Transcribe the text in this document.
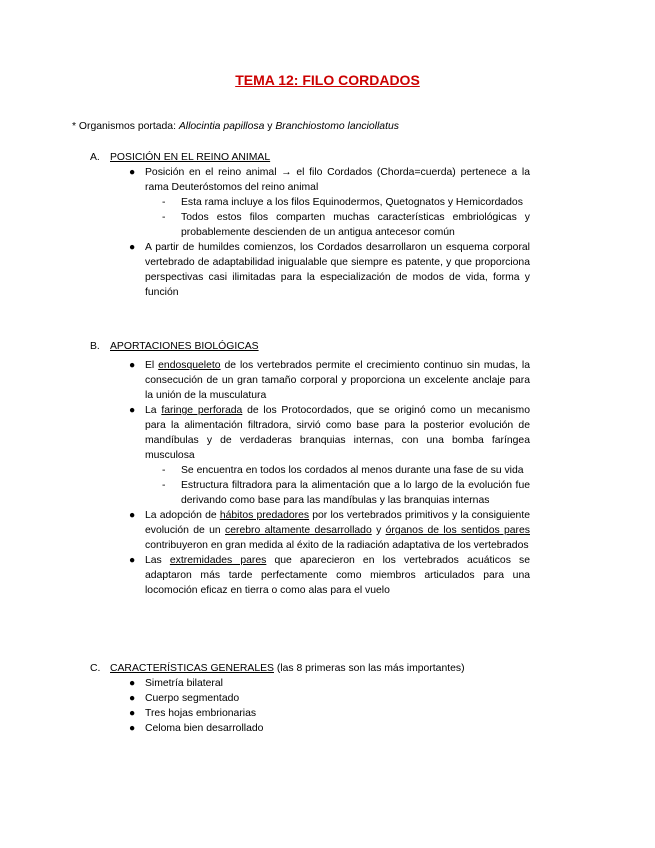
TEMA 12: FILO CORDADOS
* Organismos portada: Allocintia papillosa y Branchiostomo lanciollatus
A. POSICIÓN EN EL REINO ANIMAL
● Posición en el reino animal → el filo Cordados (Chorda=cuerda) pertenece a la rama Deuteróstomos del reino animal
- Esta rama incluye a los filos Equinodermos, Quetognatos y Hemicordados
- Todos estos filos comparten muchas características embriológicas y probablemente descienden de un antigua antecesor común
● A partir de humildes comienzos, los Cordados desarrollaron un esquema corporal vertebrado de adaptabilidad inigualable que siempre es patente, y que proporciona perspectivas casi ilimitadas para la especialización de modos de vida, forma y función
B. APORTACIONES BIOLÓGICAS
● El endosqueleto de los vertebrados permite el crecimiento continuo sin mudas, la consecución de un gran tamaño corporal y proporciona un excelente anclaje para la unión de la musculatura
● La faringe perforada de los Protocordados, que se originó como un mecanismo para la alimentación filtradora, sirvió como base para la posterior evolución de mandíbulas y de verdaderas branquias internas, con una bomba faríngea musculosa
- Se encuentra en todos los cordados al menos durante una fase de su vida
- Estructura filtradora para la alimentación que a lo largo de la evolución fue derivando como base para las mandíbulas y las branquias internas
● La adopción de hábitos predadores por los vertebrados primitivos y la consiguiente evolución de un cerebro altamente desarrollado y órganos de los sentidos pares contribuyeron en gran medida al éxito de la radiación adaptativa de los vertebrados
● Las extremidades pares que aparecieron en los vertebrados acuáticos se adaptaron más tarde perfectamente como miembros articulados para una locomoción eficaz en tierra o como alas para el vuelo
C. CARACTERÍSTICAS GENERALES (las 8 primeras son las más importantes)
● Simetría bilateral
● Cuerpo segmentado
● Tres hojas embrionarias
● Celoma bien desarrollado
